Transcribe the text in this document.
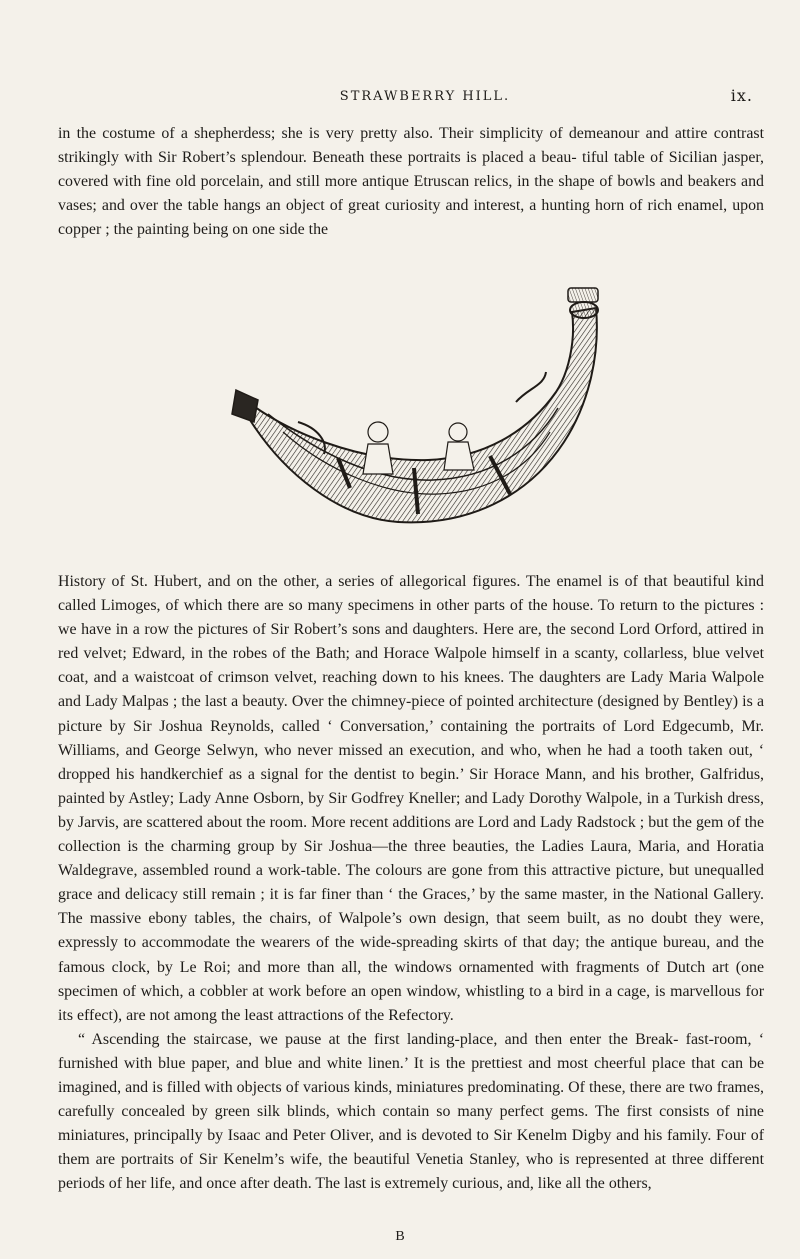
STRAWBERRY HILL.	ix.

in the costume of a shepherdess; she is very pretty also. Their simplicity of demeanour and attire contrast strikingly with Sir Robert’s splendour. Beneath these portraits is placed a beau- tiful table of Sicilian jasper, covered with fine old porcelain, and still more antique Etruscan relics, in the shape of bowls and beakers and vases; and over the table hangs an object of great curiosity and interest, a hunting horn of rich enamel, upon copper ; the painting being on one side the

History of St. Hubert, and on the other, a series of allegorical figures. The enamel is of that beautiful kind called Limoges, of which there are so many specimens in other parts of the house. To return to the pictures : we have in a row the pictures of Sir Robert’s sons and daughters. Here are, the second Lord Orford, attired in red velvet; Edward, in the robes of the Bath; and Horace Walpole himself in a scanty, collarless, blue velvet coat, and a waistcoat of crimson velvet, reaching down to his knees. The daughters are Lady Maria Walpole and Lady Malpas ; the last a beauty. Over the chimney-piece of pointed architecture (designed by Bentley) is a picture by Sir Joshua Reynolds, called ‘ Conversation,’ containing the portraits of Lord Edgecumb, Mr. Williams, and George Selwyn, who never missed an execution, and who, when he had a tooth taken out, ‘ dropped his handkerchief as a signal for the dentist to begin.’ Sir Horace Mann, and his brother, Galfridus, painted by Astley; Lady Anne Osborn, by Sir Godfrey Kneller; and Lady Dorothy Walpole, in a Turkish dress, by Jarvis, are scattered about the room. More recent additions are Lord and Lady Radstock ; but the gem of the collection is the charming group by Sir Joshua—the three beauties, the Ladies Laura, Maria, and Horatia Waldegrave, assembled round a work-table. The colours are gone from this attractive picture, but unequalled grace and delicacy still remain ; it is far finer than ‘ the Graces,’ by the same master, in the National Gallery. The massive ebony tables, the chairs, of Walpole’s own design, that seem built, as no doubt they were, expressly to accommodate the wearers of the wide-spreading skirts of that day; the antique bureau, and the famous clock, by Le Roi; and more than all, the windows ornamented with fragments of Dutch art (one specimen of which, a cobbler at work before an open window, whistling to a bird in a cage, is marvellous for its effect), are not among the least attractions of the Refectory.

“ Ascending the staircase, we pause at the first landing-place, and then enter the Break- fast-room, ‘ furnished with blue paper, and blue and white linen.’ It is the prettiest and most cheerful place that can be imagined, and is filled with objects of various kinds, miniatures predominating. Of these, there are two frames, carefully concealed by green silk blinds, which contain so many perfect gems. The first consists of nine miniatures, principally by Isaac and Peter Oliver, and is devoted to Sir Kenelm Digby and his family. Four of them are portraits of Sir Kenelm’s wife, the beautiful Venetia Stanley, who is represented at three different periods of her life, and once after death. The last is extremely curious, and, like all the others,

B
